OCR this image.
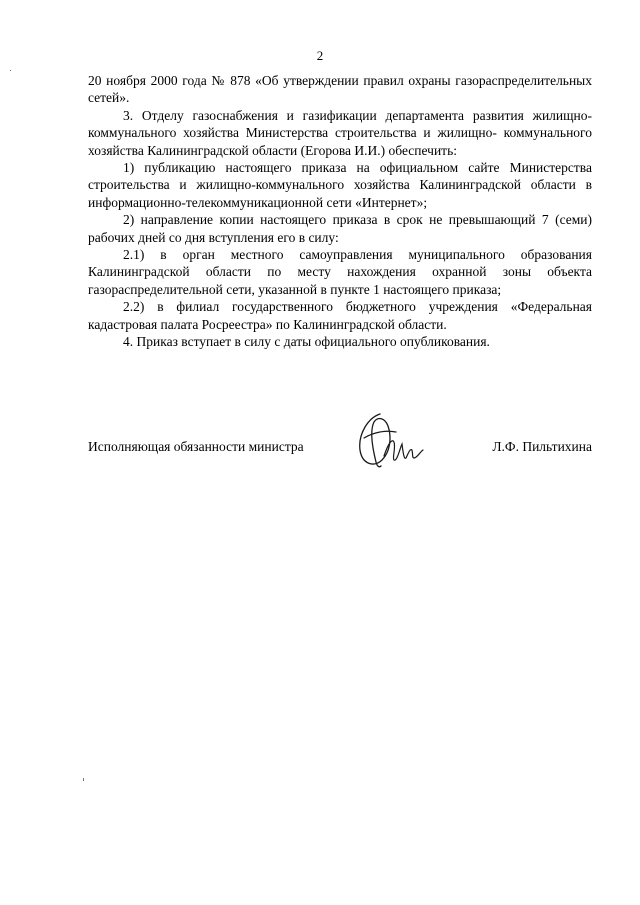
2

20 ноября 2000 года № 878 «Об утверждении правил охраны газораспределительных сетей».

3. Отделу газоснабжения и газификации департамента развития жилищно-коммунального хозяйства Министерства строительства и жилищно- коммунального хозяйства Калининградской области (Егорова И.И.) обеспечить:

1) публикацию настоящего приказа на официальном сайте Министерства строительства и жилищно-коммунального хозяйства Калининградской области в информационно-телекоммуникационной сети «Интернет»;

2) направление копии настоящего приказа в срок не превышающий 7 (семи) рабочих дней со дня вступления его в силу:

2.1) в орган местного самоуправления муниципального образования Калининградской области по месту нахождения охранной зоны объекта газораспределительной сети, указанной в пункте 1 настоящего приказа;

2.2) в филиал государственного бюджетного учреждения «Федеральная кадастровая палата Росреестра» по Калининградской области.

4. Приказ вступает в силу с даты официального опубликования.

Исполняющая обязанности министра	Л.Ф. Пильтихина
